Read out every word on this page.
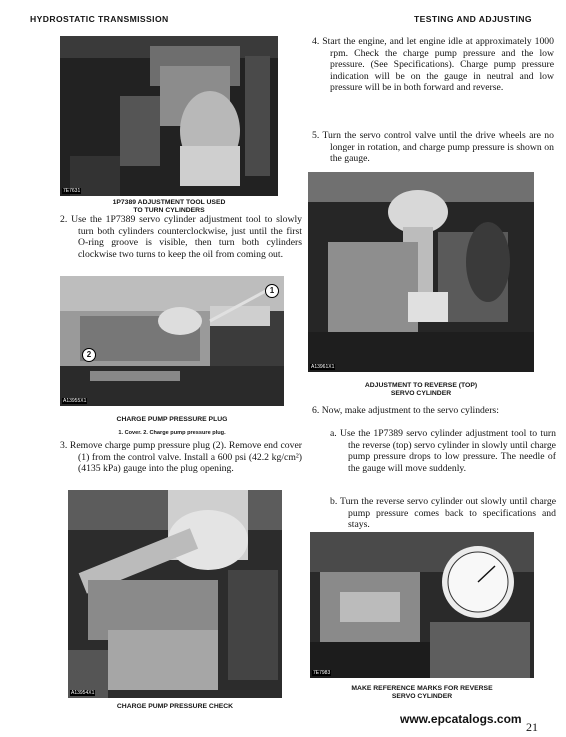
HYDROSTATIC TRANSMISSION	TESTING AND ADJUSTING
7E7631
1P7389 ADJUSTMENT TOOL USED
TO TURN CYLINDERS
2. Use the 1P7389 servo cylinder adjustment tool to slowly turn both cylinders counterclockwise, just until the first O-ring groove is visible, then turn both cylinders clockwise two turns to keep the oil from coming out.
1
2
A13955X1
CHARGE PUMP PRESSURE PLUG
1. Cover. 2. Charge pump pressure plug.
3. Remove charge pump pressure plug (2). Remove end cover (1) from the control valve. Install a 600 psi (42.2 kg/cm²) (4135 kPa) gauge into the plug opening.
A13954X1
CHARGE PUMP PRESSURE CHECK
4. Start the engine, and let engine idle at approximately 1000 rpm. Check the charge pump pressure and the low pressure. (See Specifications). Charge pump pressure indication will be on the gauge in neutral and low pressure will be in both forward and reverse.
5. Turn the servo control valve until the drive wheels are no longer in rotation, and charge pump pressure is shown on the gauge.
A13961X1
ADJUSTMENT TO REVERSE (TOP)
SERVO CYLINDER
6. Now, make adjustment to the servo cylinders:
a. Use the 1P7389 servo cylinder adjustment tool to turn the reverse (top) servo cylinder in slowly until charge pump pressure drops to low pressure. The needle of the gauge will move suddenly.
b. Turn the reverse servo cylinder out slowly until charge pump pressure comes back to specifications and stays.
7E7983
MAKE REFERENCE MARKS FOR REVERSE
SERVO CYLINDER
www.epcatalogs.com
21
